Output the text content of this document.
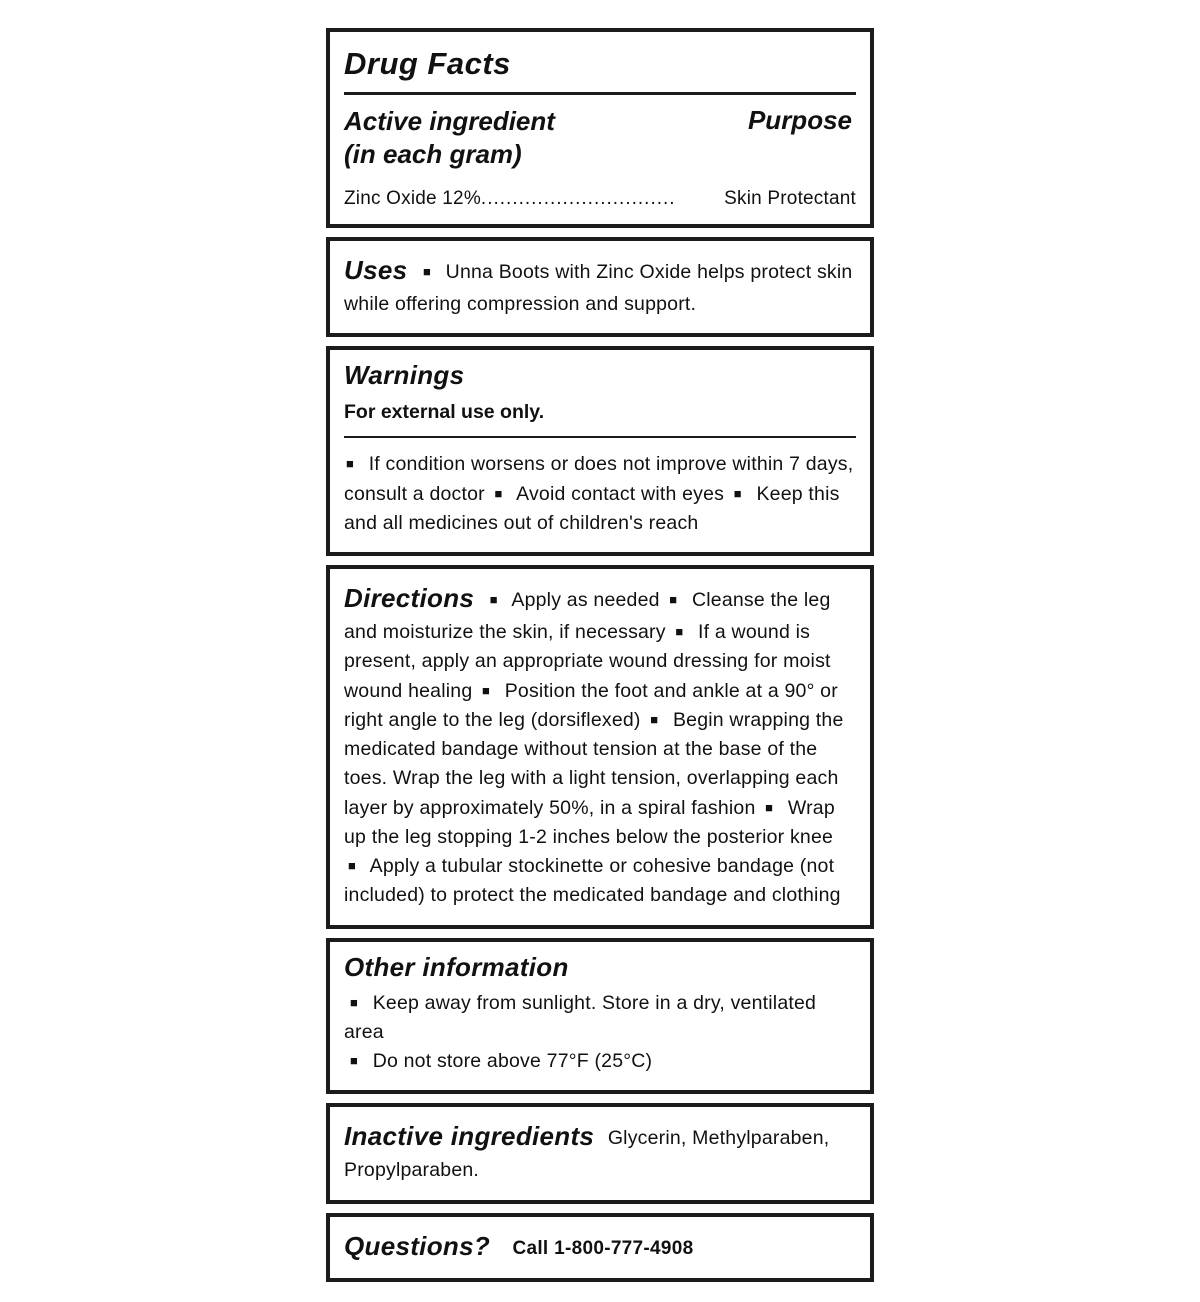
Drug Facts
Active ingredient
(in each gram)
Purpose
Zinc Oxide 12% ...............................	Skin Protectant

Uses ■ Unna Boots with Zinc Oxide helps protect skin while offering compression and support.

Warnings
For external use only.

■ If condition worsens or does not improve within 7 days, consult a doctor ■ Avoid contact with eyes ■ Keep this and all medicines out of children's reach

Directions ■ Apply as needed ■ Cleanse the leg and moisturize the skin, if necessary ■ If a wound is present, apply an appropriate wound dressing for moist wound healing ■ Position the foot and ankle at a 90° or right angle to the leg (dorsiflexed) ■ Begin wrapping the medicated bandage without tension at the base of the toes. Wrap the leg with a light tension, overlapping each layer by approximately 50%, in a spiral fashion ■ Wrap up the leg stopping 1-2 inches below the posterior knee ■ Apply a tubular stockinette or cohesive bandage (not included) to protect the medicated bandage and clothing

Other information
■ Keep away from sunlight. Store in a dry, ventilated area
■ Do not store above 77°F (25°C)

Inactive ingredients Glycerin, Methylparaben, Propylparaben.

Questions? Call 1-800-777-4908
